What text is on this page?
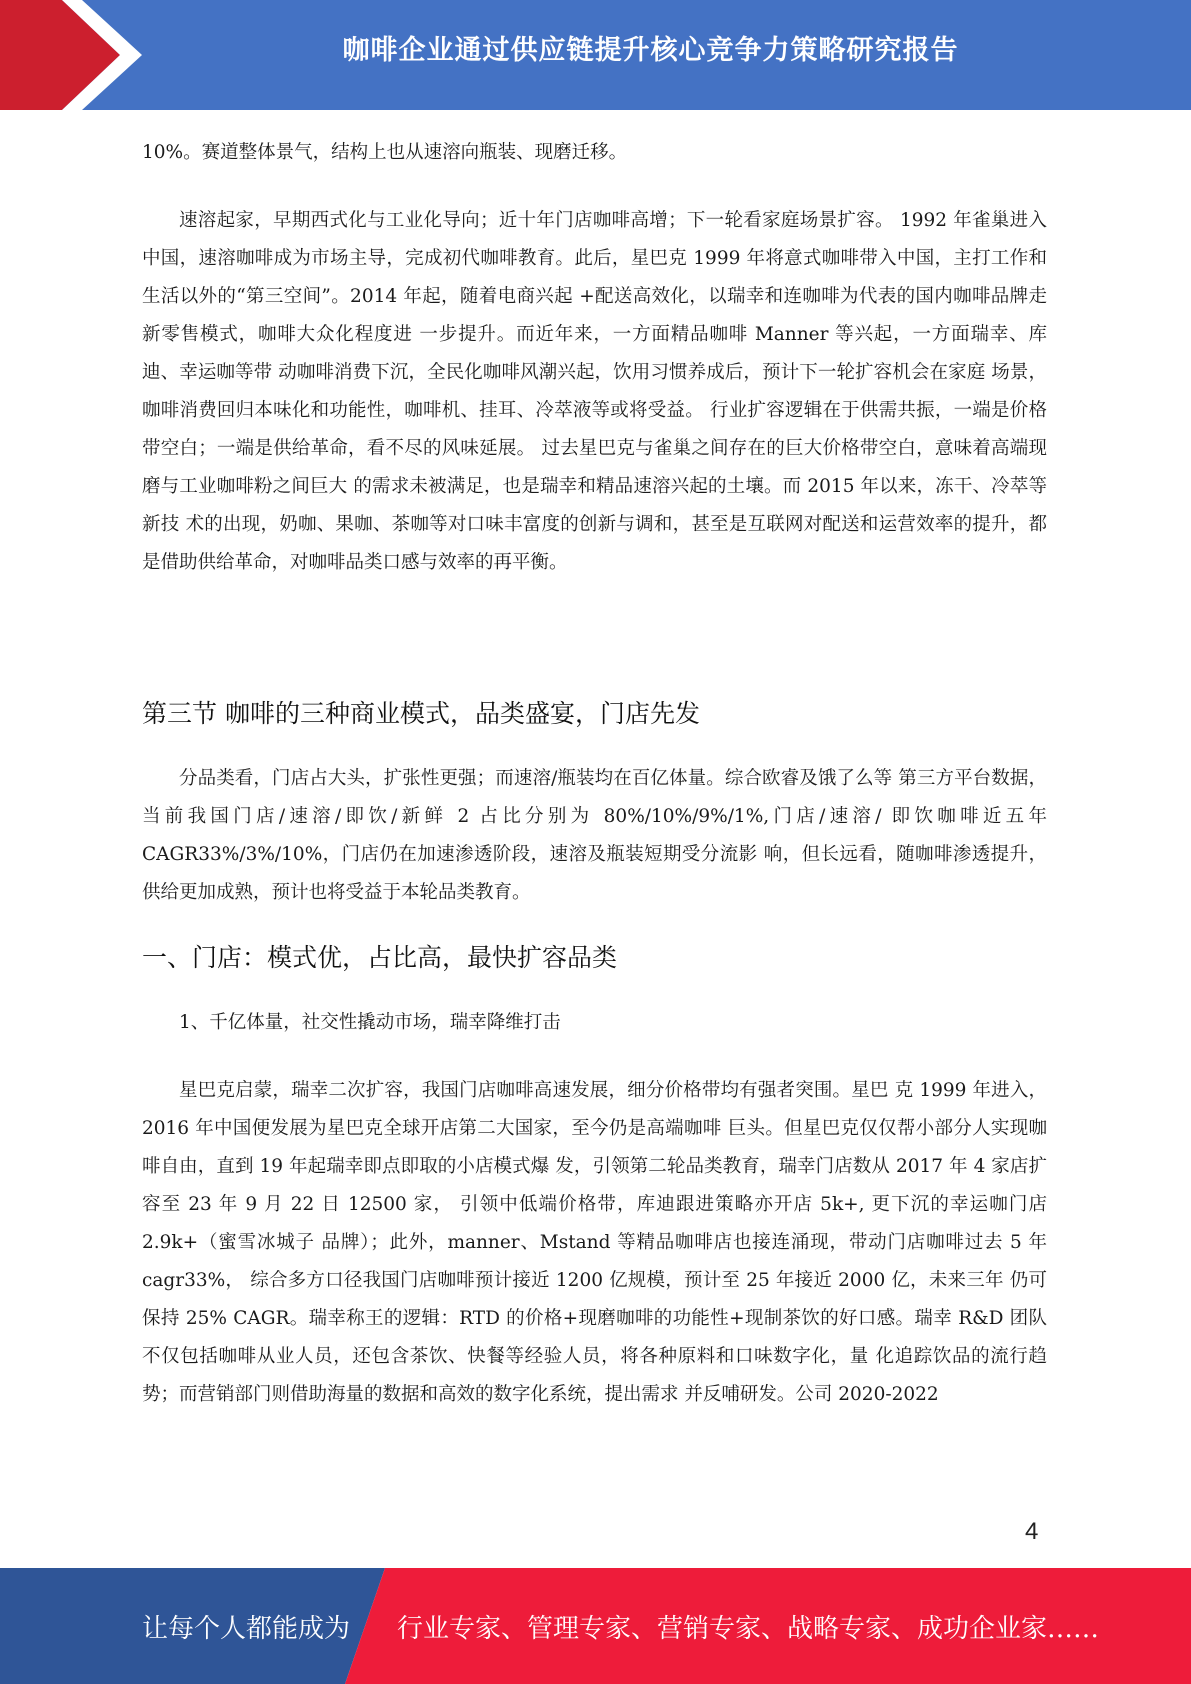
咖啡企业通过供应链提升核心竞争力策略研究报告

10%。赛道整体景气，结构上也从速溶向瓶装、现磨迁移。

速溶起家，早期西式化与工业化导向；近十年门店咖啡高增；下一轮看家庭场景扩容。 1992 年雀巢进入中国，速溶咖啡成为市场主导，完成初代咖啡教育。此后，星巴克 1999 年将意式咖啡带入中国，主打工作和生活以外的“第三空间”。2014 年起，随着电商兴起 +配送高效化，以瑞幸和连咖啡为代表的国内咖啡品牌走新零售模式，咖啡大众化程度进 一步提升。而近年来，一方面精品咖啡 Manner 等兴起，一方面瑞幸、库迪、幸运咖等带 动咖啡消费下沉，全民化咖啡风潮兴起，饮用习惯养成后，预计下一轮扩容机会在家庭 场景，咖啡消费回归本味化和功能性，咖啡机、挂耳、冷萃液等或将受益。 行业扩容逻辑在于供需共振，一端是价格带空白；一端是供给革命，看不尽的风味延展。 过去星巴克与雀巢之间存在的巨大价格带空白，意味着高端现磨与工业咖啡粉之间巨大 的需求未被满足，也是瑞幸和精品速溶兴起的土壤。而 2015 年以来，冻干、冷萃等新技 术的出现，奶咖、果咖、茶咖等对口味丰富度的创新与调和，甚至是互联网对配送和运营效率的提升，都是借助供给革命，对咖啡品类口感与效率的再平衡。

第三节 咖啡的三种商业模式，品类盛宴，门店先发

分品类看，门店占大头，扩张性更强；而速溶/瓶装均在百亿体量。综合欧睿及饿了么等 第三方平台数据，当前我国门店/速溶/即饮/新鲜 2 占比分别为 80%/10%/9%/1%,门店/速溶/ 即饮咖啡近五年 CAGR33%/3%/10%，门店仍在加速渗透阶段，速溶及瓶装短期受分流影 响，但长远看，随咖啡渗透提升，供给更加成熟，预计也将受益于本轮品类教育。

一、门店：模式优，占比高，最快扩容品类

1、千亿体量，社交性撬动市场，瑞幸降维打击

星巴克启蒙，瑞幸二次扩容，我国门店咖啡高速发展，细分价格带均有强者突围。星巴 克 1999 年进入，2016 年中国便发展为星巴克全球开店第二大国家，至今仍是高端咖啡 巨头。但星巴克仅仅帮小部分人实现咖啡自由，直到 19 年起瑞幸即点即取的小店模式爆 发，引领第二轮品类教育，瑞幸门店数从 2017 年 4 家店扩容至 23 年 9 月 22 日 12500 家， 引领中低端价格带，库迪跟进策略亦开店 5k+, 更下沉的幸运咖门店 2.9k+（蜜雪冰城子 品牌）；此外，manner、Mstand 等精品咖啡店也接连涌现，带动门店咖啡过去 5 年 cagr33%， 综合多方口径我国门店咖啡预计接近 1200 亿规模，预计至 25 年接近 2000 亿，未来三年 仍可保持 25% CAGR。瑞幸称王的逻辑：RTD 的价格+现磨咖啡的功能性+现制茶饮的好口感。瑞幸 R&D 团队 不仅包括咖啡从业人员，还包含茶饮、快餐等经验人员，将各种原料和口味数字化，量 化追踪饮品的流行趋势；而营销部门则借助海量的数据和高效的数字化系统，提出需求 并反哺研发。公司 2020-2022

4
让每个人都能成为 行业专家、管理专家、营销专家、战略专家、成功企业家……
